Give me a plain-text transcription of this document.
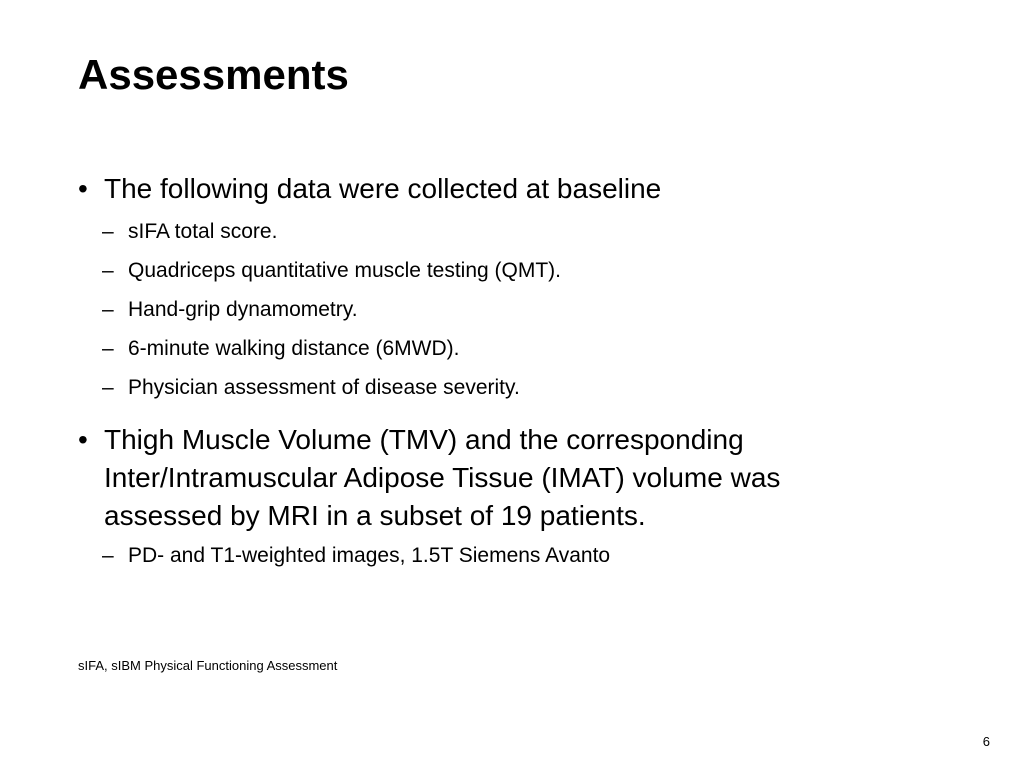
Assessments
• The following data were collected at baseline
– sIFA total score.
– Quadriceps quantitative muscle testing (QMT).
– Hand-grip dynamometry.
– 6-minute walking distance (6MWD).
– Physician assessment of disease severity.
• Thigh Muscle Volume (TMV) and the corresponding Inter/Intramuscular Adipose Tissue (IMAT) volume was assessed by MRI in a subset of 19 patients.
– PD- and T1-weighted images, 1.5T Siemens Avanto
sIFA, sIBM Physical Functioning Assessment
6
